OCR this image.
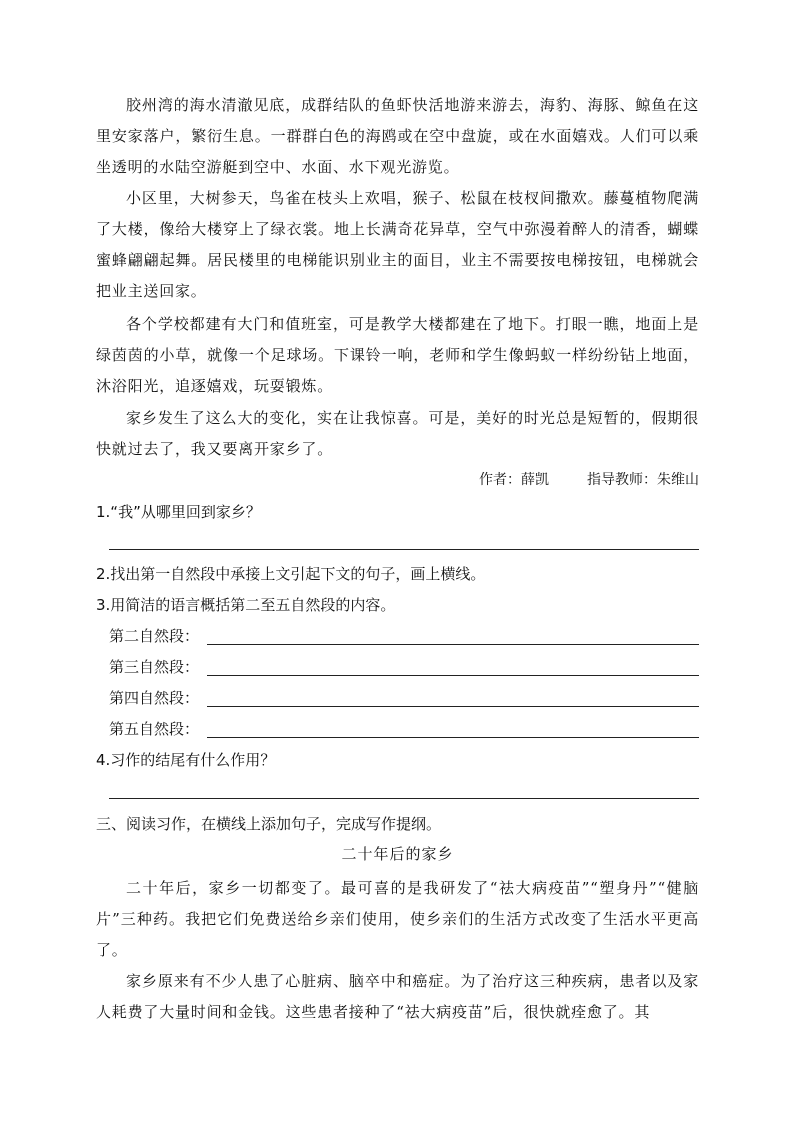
胶州湾的海水清澈见底，成群结队的鱼虾快活地游来游去，海豹、海豚、鲸鱼在这里安家落户，繁衍生息。一群群白色的海鸥或在空中盘旋，或在水面嬉戏。人们可以乘坐透明的水陆空游艇到空中、水面、水下观光游览。

小区里，大树参天，鸟雀在枝头上欢唱，猴子、松鼠在枝杈间撒欢。藤蔓植物爬满了大楼，像给大楼穿上了绿衣裳。地上长满奇花异草，空气中弥漫着醉人的清香，蝴蝶蜜蜂翩翩起舞。居民楼里的电梯能识别业主的面目，业主不需要按电梯按钮，电梯就会把业主送回家。

各个学校都建有大门和值班室，可是教学大楼都建在了地下。打眼一瞧，地面上是绿茵茵的小草，就像一个足球场。下课铃一响，老师和学生像蚂蚁一样纷纷钻上地面，沐浴阳光，追逐嬉戏，玩耍锻炼。

家乡发生了这么大的变化，实在让我惊喜。可是，美好的时光总是短暂的，假期很快就过去了，我又要离开家乡了。

作者：薛凯	指导教师：朱维山
1.“我”从哪里回到家乡？
2.找出第一自然段中承接上文引起下文的句子，画上横线。
3.用简洁的语言概括第二至五自然段的内容。
第二自然段：
第三自然段：
第四自然段：
第五自然段：
4.习作的结尾有什么作用？
三、阅读习作，在横线上添加句子，完成写作提纲。
二十年后的家乡

二十年后，家乡一切都变了。最可喜的是我研发了“祛大病疫苗”“塑身丹”“健脑片”三种药。我把它们免费送给乡亲们使用，使乡亲们的生活方式改变了生活水平更高了。

家乡原来有不少人患了心脏病、脑卒中和癌症。为了治疗这三种疾病，患者以及家人耗费了大量时间和金钱。这些患者接种了“祛大病疫苗”后，很快就痊愈了。其
